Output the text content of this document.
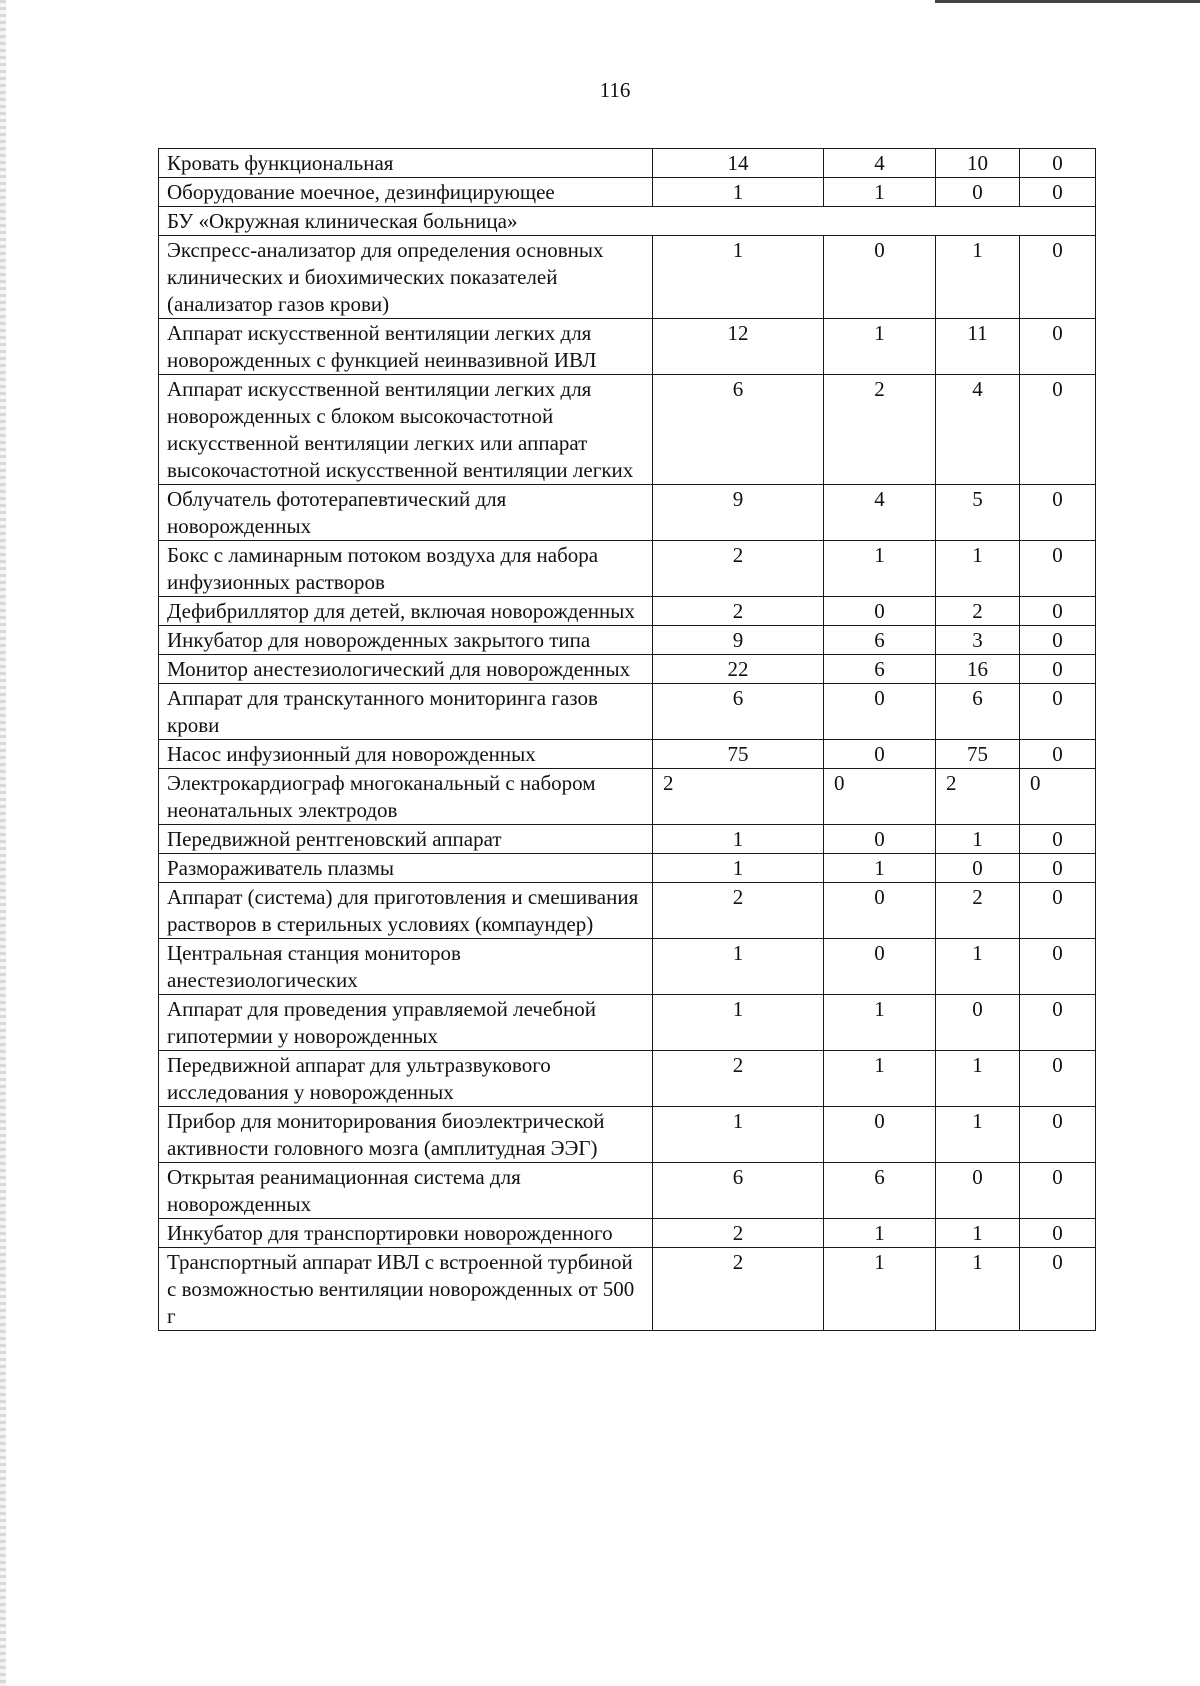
116
Кровать функциональная	14	4	10	0
Оборудование моечное, дезинфицирующее	1	1	0	0
БУ «Окружная клиническая больница»				
Экспресс-анализатор для определения основных клинических и биохимических показателей (анализатор газов крови)	1	0	1	0
Аппарат искусственной вентиляции легких для новорожденных с функцией неинвазивной ИВЛ	12	1	11	0
Аппарат искусственной вентиляции легких для новорожденных с блоком высокочастотной искусственной вентиляции легких или аппарат высокочастотной искусственной вентиляции легких	6	2	4	0
Облучатель фототерапевтический для новорожденных	9	4	5	0
Бокс с ламинарным потоком воздуха для набора инфузионных растворов	2	1	1	0
Дефибриллятор для детей, включая новорожденных	2	0	2	0
Инкубатор для новорожденных закрытого типа	9	6	3	0
Монитор анестезиологический для новорожденных	22	6	16	0
Аппарат для транскутанного мониторинга газов крови	6	0	6	0
Насос инфузионный для новорожденных	75	0	75	0
Электрокардиограф многоканальный с набором неонатальных электродов	2	0	2	0
Передвижной рентгеновский аппарат	1	0	1	0
Размораживатель плазмы	1	1	0	0
Аппарат (система) для приготовления и смешивания растворов в стерильных условиях (компаундер)	2	0	2	0
Центральная станция мониторов анестезиологических	1	0	1	0
Аппарат для проведения управляемой лечебной гипотермии у новорожденных	1	1	0	0
Передвижной аппарат для ультразвукового исследования у новорожденных	2	1	1	0
Прибор для мониторирования биоэлектрической активности головного мозга (амплитудная ЭЭГ)	1	0	1	0
Открытая реанимационная система для новорожденных	6	6	0	0
Инкубатор для транспортировки новорожденного	2	1	1	0
Транспортный аппарат ИВЛ с встроенной турбиной с возможностью вентиляции новорожденных от 500 г	2	1	1	0
